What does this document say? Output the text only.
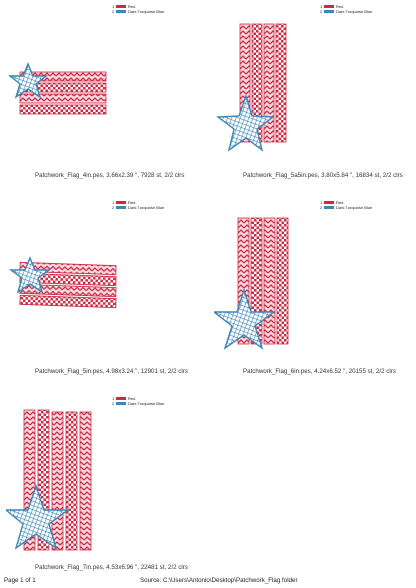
1	Red
2	Dark Turquoise Blue
Patchwork_Flag_4in.pes, 3.66x2.39 ", 7928 st, 2/2 clrs
1	Red
2	Dark Turquoise Blue
Patchwork_Flag_5a5in.pes, 3.80x5.84 ", 16834 st, 2/2 clrs
1	Red
2	Dark Turquoise Blue
Patchwork_Flag_5in.pes, 4.98x3.24 ", 12901 st, 2/2 clrs
1	Red
2	Dark Turquoise Blue
Patchwork_Flag_6in.pes, 4.24x6.52 ", 20155 st, 2/2 clrs
1	Red
2	Dark Turquoise Blue
Patchwork_Flag_7in.pes, 4.53x6.96 ", 22481 st, 2/2 clrs
Page 1 of 1	Source: C:\Users\Antonio\Desktop\Patchwork_Flag folder
